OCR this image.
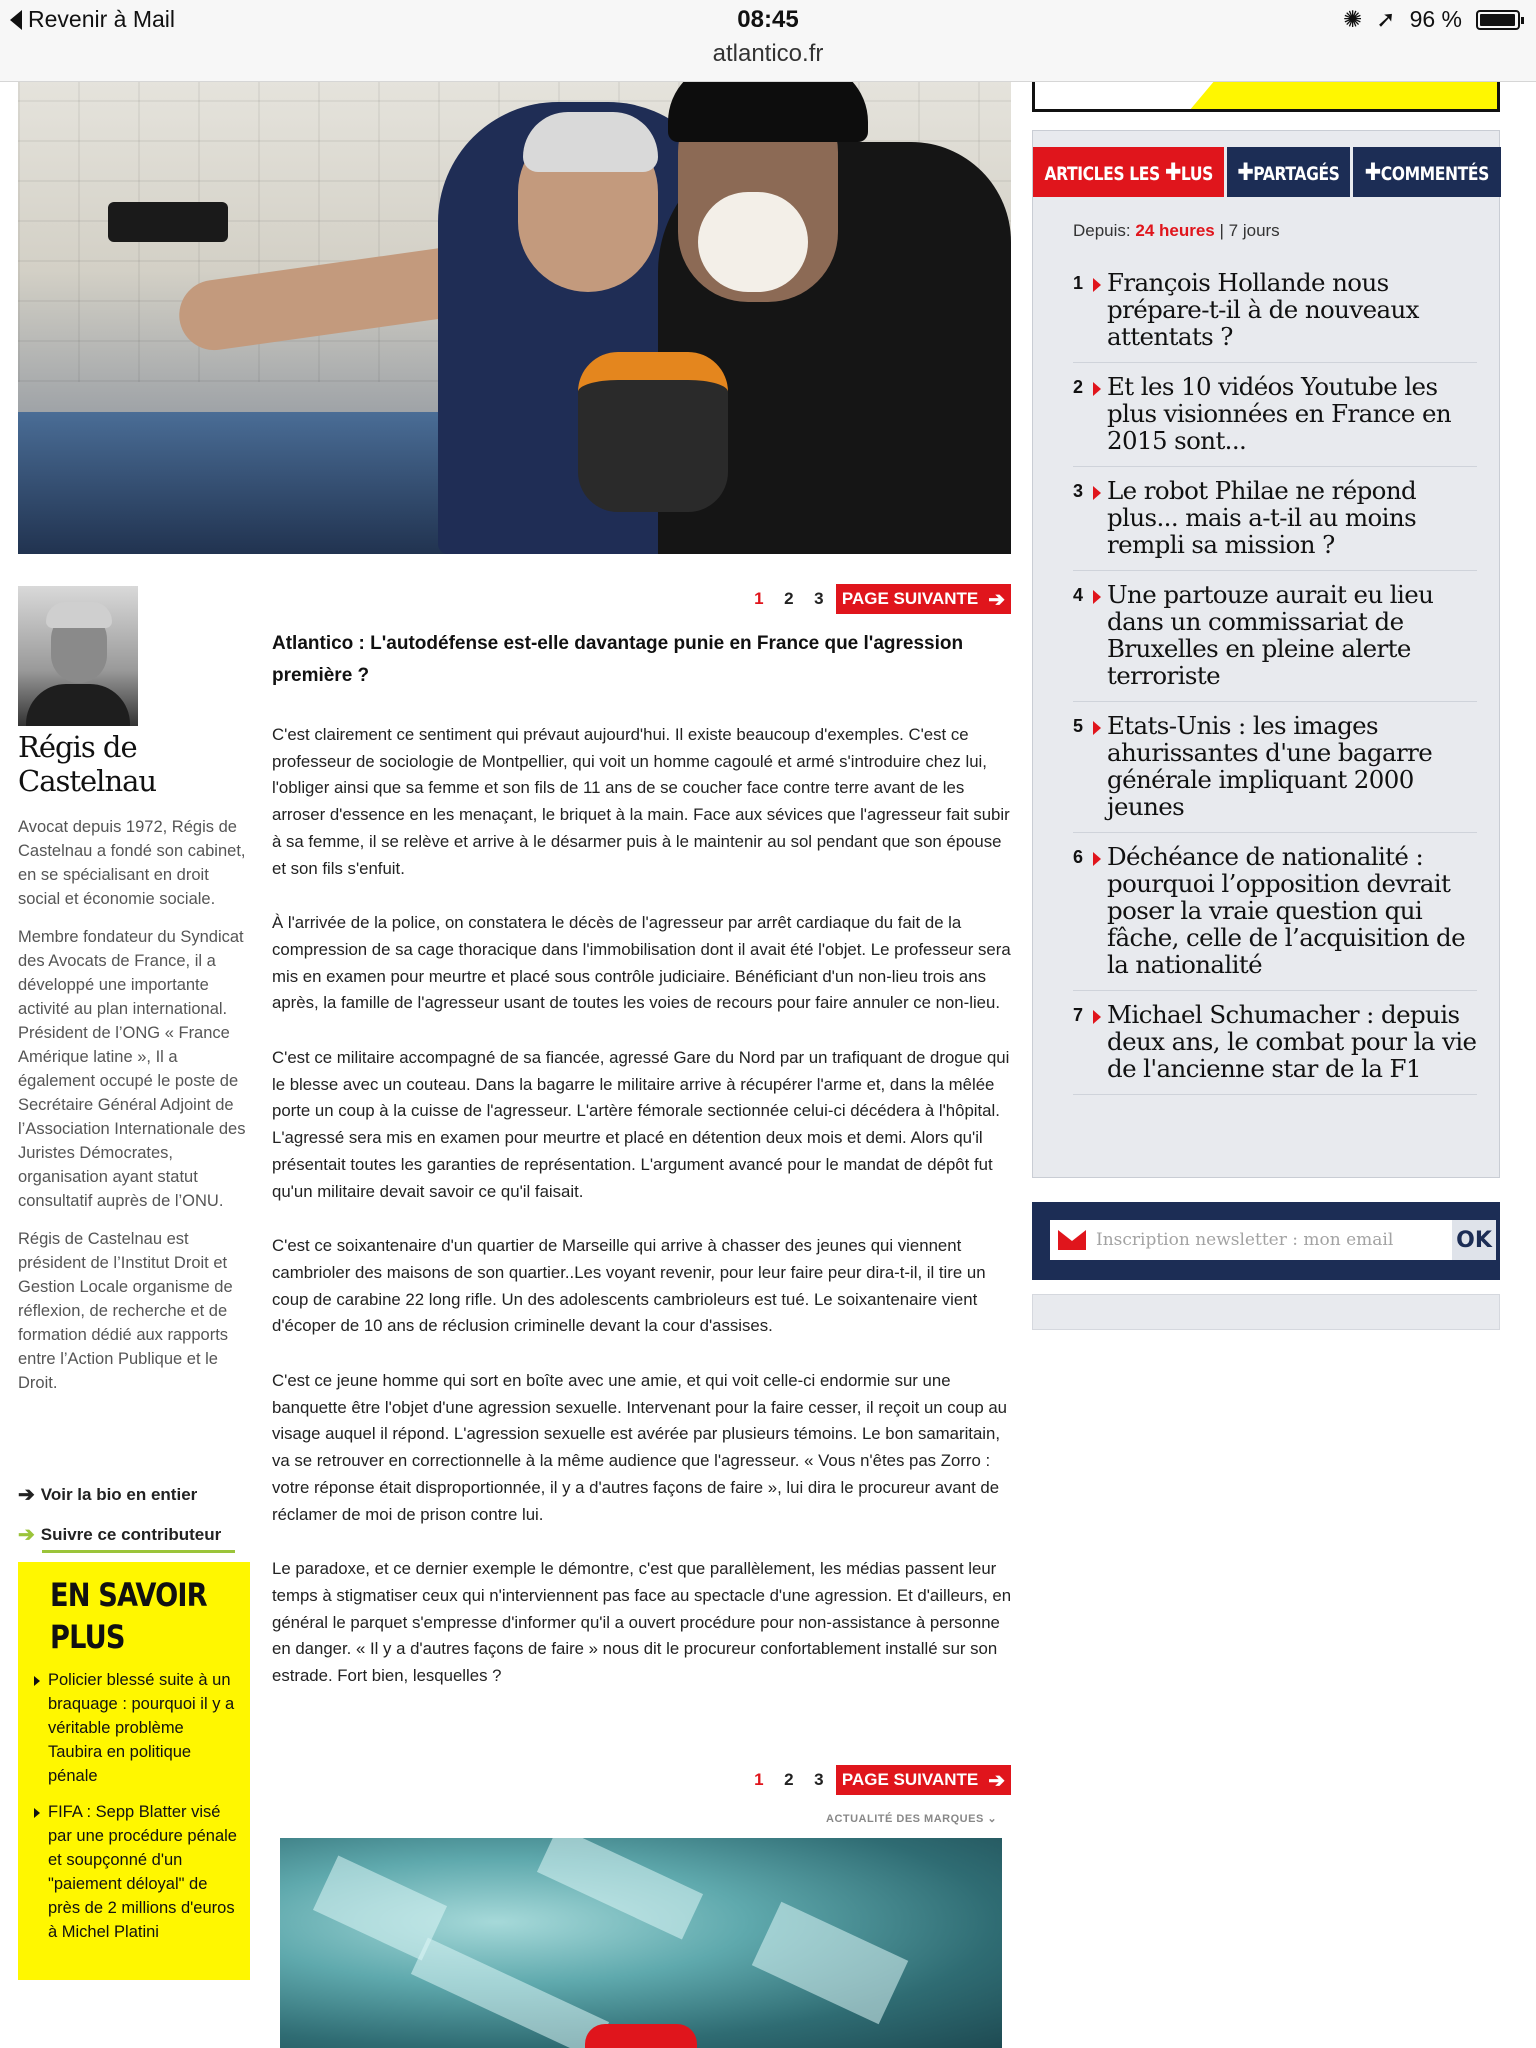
Revenir à Mail	08:45
atlantico.fr
✺ ➚ 96 %
Régis de Castelnau

Avocat depuis 1972, Régis de Castelnau a fondé son cabinet, en se spécialisant en droit social et économie sociale.

Membre fondateur du Syndicat des Avocats de France, il a développé une importante activité au plan international. Président de l’ONG « France Amérique latine », Il a également occupé le poste de Secrétaire Général Adjoint de l’Association Internationale des Juristes Démocrates, organisation ayant statut consultatif auprès de l’ONU.

Régis de Castelnau est président de l’Institut Droit et Gestion Locale organisme de réflexion, de recherche et de formation dédié aux rapports entre l’Action Publique et le Droit.

➔ Voir la bio en entier
➔ Suivre ce contributeur
EN SAVOIR
PLUS
Policier blessé suite à un braquage : pourquoi il y a véritable problème Taubira en politique pénale
FIFA : Sepp Blatter visé par une procédure pénale et soupçonné d'un "paiement déloyal" de près de 2 millions d'euros à Michel Platini
1	2	3	PAGE SUIVANTE ➔
Atlantico : L'autodéfense est-elle davantage punie en France que l'agression première ?

C'est clairement ce sentiment qui prévaut aujourd'hui. Il existe beaucoup d'exemples. C'est ce professeur de sociologie de Montpellier, qui voit un homme cagoulé et armé s'introduire chez lui, l'obliger ainsi que sa femme et son fils de 11 ans de se coucher face contre terre avant de les arroser d'essence en les menaçant, le briquet à la main. Face aux sévices que l'agresseur fait subir à sa femme, il se relève et arrive à le désarmer puis à le maintenir au sol pendant que son épouse et son fils s'enfuit.

À l'arrivée de la police, on constatera le décès de l'agresseur par arrêt cardiaque du fait de la compression de sa cage thoracique dans l'immobilisation dont il avait été l'objet. Le professeur sera mis en examen pour meurtre et placé sous contrôle judiciaire. Bénéficiant d'un non-lieu trois ans après, la famille de l'agresseur usant de toutes les voies de recours pour faire annuler ce non-lieu.

C'est ce militaire accompagné de sa fiancée, agressé Gare du Nord par un trafiquant de drogue qui le blesse avec un couteau. Dans la bagarre le militaire arrive à récupérer l'arme et, dans la mêlée porte un coup à la cuisse de l'agresseur. L'artère fémorale sectionnée celui-ci décédera à l'hôpital. L'agressé sera mis en examen pour meurtre et placé en détention deux mois et demi. Alors qu'il présentait toutes les garanties de représentation. L'argument avancé pour le mandat de dépôt fut qu'un militaire devait savoir ce qu'il faisait.

C'est ce soixantenaire d'un quartier de Marseille qui arrive à chasser des jeunes qui viennent cambrioler des maisons de son quartier..Les voyant revenir, pour leur faire peur dira-t-il, il tire un coup de carabine 22 long rifle. Un des adolescents cambrioleurs est tué. Le soixantenaire vient d'écoper de 10 ans de réclusion criminelle devant la cour d'assises.

C'est ce jeune homme qui sort en boîte avec une amie, et qui voit celle-ci endormie sur une banquette être l'objet d'une agression sexuelle. Intervenant pour la faire cesser, il reçoit un coup au visage auquel il répond. L'agression sexuelle est avérée par plusieurs témoins. Le bon samaritain, va se retrouver en correctionnelle à la même audience que l'agresseur. « Vous n'êtes pas Zorro : votre réponse était disproportionnée, il y a d'autres façons de faire », lui dira le procureur avant de réclamer de moi de prison contre lui.

Le paradoxe, et ce dernier exemple le démontre, c'est que parallèlement, les médias passent leur temps à stigmatiser ceux qui n'interviennent pas face au spectacle d'une agression. Et d'ailleurs, en général le parquet s'empresse d'informer qu'il a ouvert procédure pour non-assistance à personne en danger. « Il y a d'autres façons de faire » nous dit le procureur confortablement installé sur son estrade. Fort bien, lesquelles ?

1	2	3	PAGE SUIVANTE ➔
ACTUALITÉ DES MARQUES ⌄
ARTICLES LES ✚LUS ✚PARTAGÉS ✚COMMENTÉS
Depuis: 24 heures | 7 jours
1 François Hollande nous prépare-t-il à de nouveaux attentats ?
2 Et les 10 vidéos Youtube les plus visionnées en France en 2015 sont...
3 Le robot Philae ne répond plus... mais a-t-il au moins rempli sa mission ?
4 Une partouze aurait eu lieu dans un commissariat de Bruxelles en pleine alerte terroriste
5 Etats-Unis : les images ahurissantes d'une bagarre générale impliquant 2000 jeunes
6 Déchéance de nationalité : pourquoi l’opposition devrait poser la vraie question qui fâche, celle de l’acquisition de la nationalité
7 Michael Schumacher : depuis deux ans, le combat pour la vie de l'ancienne star de la F1
Inscription newsletter : mon email
OK
